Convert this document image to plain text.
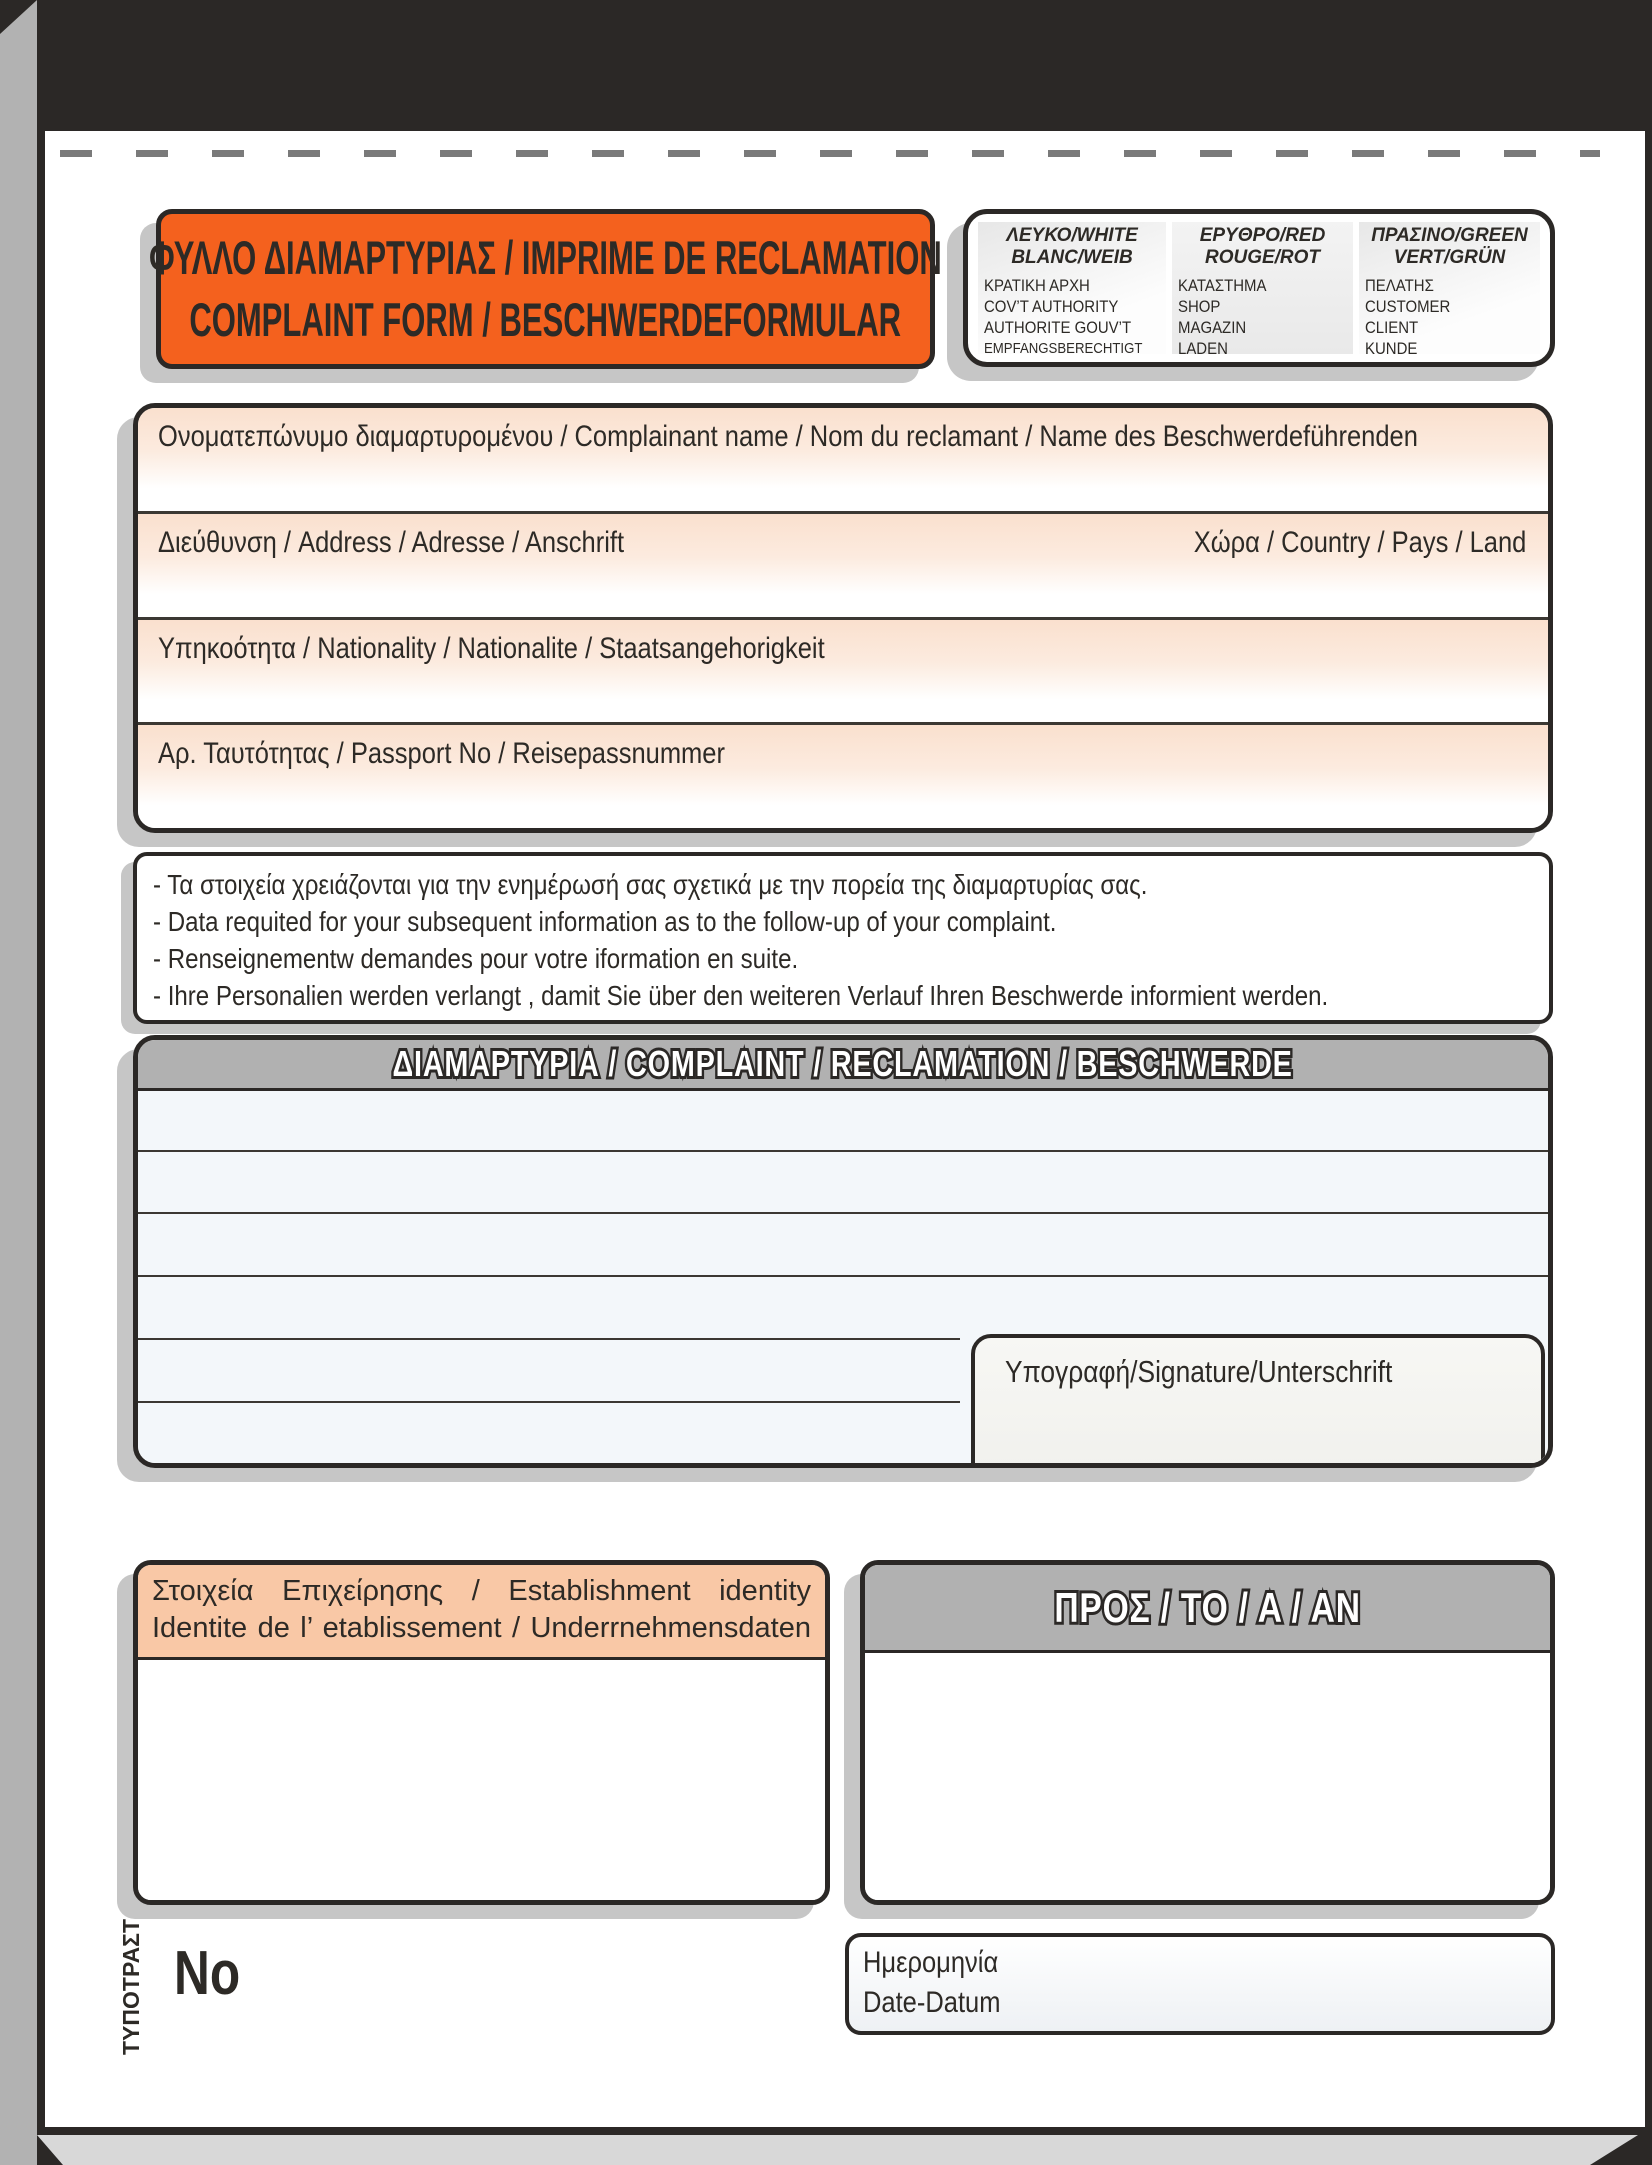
ΦΥΛΛΟ ΔΙΑΜΑΡΤΥΡΙΑΣ / IMPRIME DE RECLAMATION
COMPLAINT FORM / BESCHWERDEFORMULAR
ΛΕΥΚΟ/WHITE
BLANC/WEIB
ΚΡΑΤΙΚΗ ΑΡΧΗ
COV’T AUTHORITY
AUTHORITE GOUV’T
EMPFANGSBERECHTIGT
ΕΡΥΘΡΟ/RED
ROUGE/ROT
ΚΑΤΑΣΤΗΜΑ
SHOP
MAGAZIN
LADEN
ΠΡΑΣΙΝΟ/GREEN
VERT/GRÜN
ΠΕΛΑΤΗΣ
CUSTOMER
CLIENT
KUNDE
Ονοματεπώνυμο διαμαρτυρομένου / Complainant name / Nom du reclamant / Name des Beschwerdeführenden
Διεύθυνση / Address / Adresse / Anschrift	Χώρα / Country / Pays / Land
Υπηκοότητα / Nationality / Nationalite / Staatsangehorigkeit
Αρ. Ταυτότητας / Passport No / Reisepassnummer
- Τα στοιχεία χρειάζονται για την ενημέρωσή σας σχετικά με την πορεία της διαμαρτυρίας σας.
- Data requited for your subsequent information as to the follow-up of your complaint.
- Renseignementw demandes pour votre iformation en suite.
- Ihre Personalien werden verlangt , damit Sie über den weiteren Verlauf Ihren Beschwerde informient werden.
ΔΙΑΜΑΡΤΥΡΙΑ / COMPLAINT / RECLAMATION / BESCHWERDE
Υπογραφή/Signature/Unterschrift
Στοιχεία Επιχείρησης / Establishment identity
Identite de l’ etablissement / Underrnehmensdaten	ΠΡΟΣ / TO / A / AN
Ημερομηνία
Date-Datum
ΤΥΠΟΤΡΑΣΤ No
